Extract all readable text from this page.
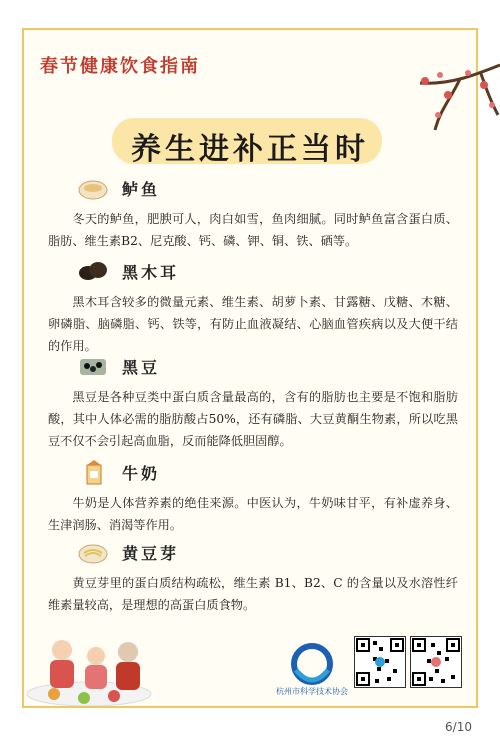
春节健康饮食指南
养生进补正当时
鲈鱼
冬天的鲈鱼，肥腴可人，肉白如雪，鱼肉细腻。同时鲈鱼富含蛋白质、脂肪、维生素B2、尼克酸、钙、磷、钾、铜、铁、硒等。
黑木耳
黑木耳含较多的微量元素、维生素、胡萝卜素、甘露糖、戊糖、木糖、卵磷脂、脑磷脂、钙、铁等，有防止血液凝结、心脑血管疾病以及大便干结的作用。
黑豆
黑豆是各种豆类中蛋白质含量最高的，含有的脂肪也主要是不饱和脂肪酸，其中人体必需的脂肪酸占50%，还有磷脂、大豆黄酮生物素，所以吃黑豆不仅不会引起高血脂，反而能降低胆固醇。
牛奶
牛奶是人体营养素的绝佳来源。中医认为，牛奶味甘平，有补虚养身、生津润肠、消渴等作用。
黄豆芽
黄豆芽里的蛋白质结构疏松，维生素 B1、B2、C 的含量以及水溶性纤维素量较高，是理想的高蛋白质食物。
杭州市科学技术协会
6/10
